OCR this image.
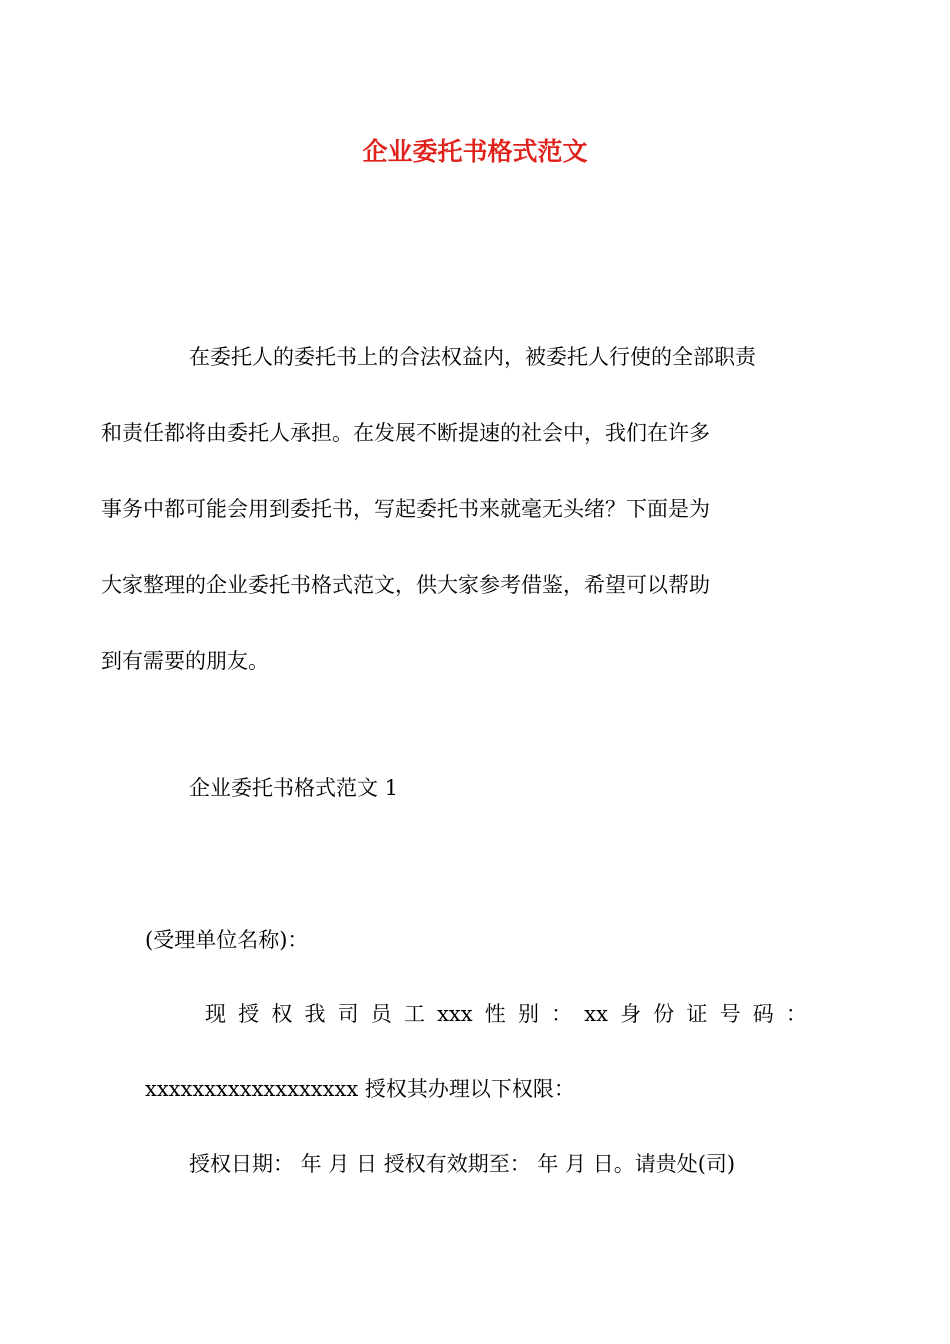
企业委托书格式范文
在委托人的委托书上的合法权益内，被委托人行使的全部职责
和责任都将由委托人承担。在发展不断提速的社会中，我们在许多
事务中都可能会用到委托书，写起委托书来就毫无头绪？下面是为
大家整理的企业委托书格式范文，供大家参考借鉴，希望可以帮助
到有需要的朋友。
企业委托书格式范文 1
(受理单位名称)：
现 授 权 我 司 员 工 xxx 性 别 ： xx 身 份 证 号 码 ：
xxxxxxxxxxxxxxxxxx 授权其办理以下权限：
授权日期： 年 月 日 授权有效期至： 年 月 日。请贵处(司)
